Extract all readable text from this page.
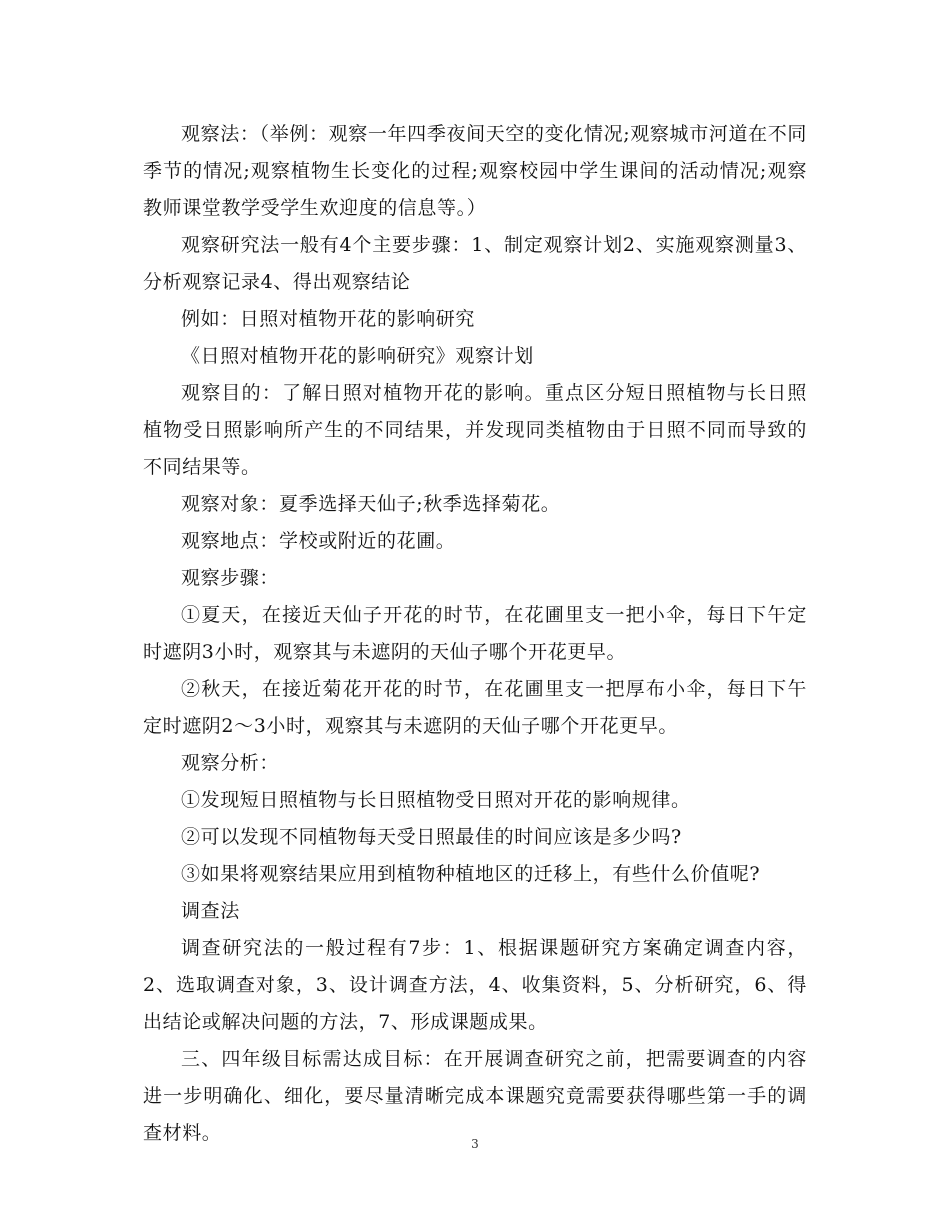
观察法：（举例：观察一年四季夜间天空的变化情况;观察城市河道在不同季节的情况;观察植物生长变化的过程;观察校园中学生课间的活动情况;观察教师课堂教学受学生欢迎度的信息等。）

观察研究法一般有4个主要步骤：1、制定观察计划2、实施观察测量3、分析观察记录4、得出观察结论

例如：日照对植物开花的影响研究

《日照对植物开花的影响研究》观察计划

观察目的：了解日照对植物开花的影响。重点区分短日照植物与长日照植物受日照影响所产生的不同结果，并发现同类植物由于日照不同而导致的不同结果等。

观察对象：夏季选择天仙子;秋季选择菊花。

观察地点：学校或附近的花圃。

观察步骤：

①夏天，在接近天仙子开花的时节，在花圃里支一把小伞，每日下午定时遮阴3小时，观察其与未遮阴的天仙子哪个开花更早。

②秋天，在接近菊花开花的时节，在花圃里支一把厚布小伞，每日下午定时遮阴2～3小时，观察其与未遮阴的天仙子哪个开花更早。

观察分析：

①发现短日照植物与长日照植物受日照对开花的影响规律。

②可以发现不同植物每天受日照最佳的时间应该是多少吗?

③如果将观察结果应用到植物种植地区的迁移上，有些什么价值呢?

调查法

调查研究法的一般过程有7步：1、根据课题研究方案确定调查内容，2、选取调查对象，3、设计调查方法，4、收集资料，5、分析研究，6、得出结论或解决问题的方法，7、形成课题成果。

三、四年级目标需达成目标：在开展调查研究之前，把需要调查的内容进一步明确化、细化，要尽量清晰完成本课题究竟需要获得哪些第一手的调查材料。	3
